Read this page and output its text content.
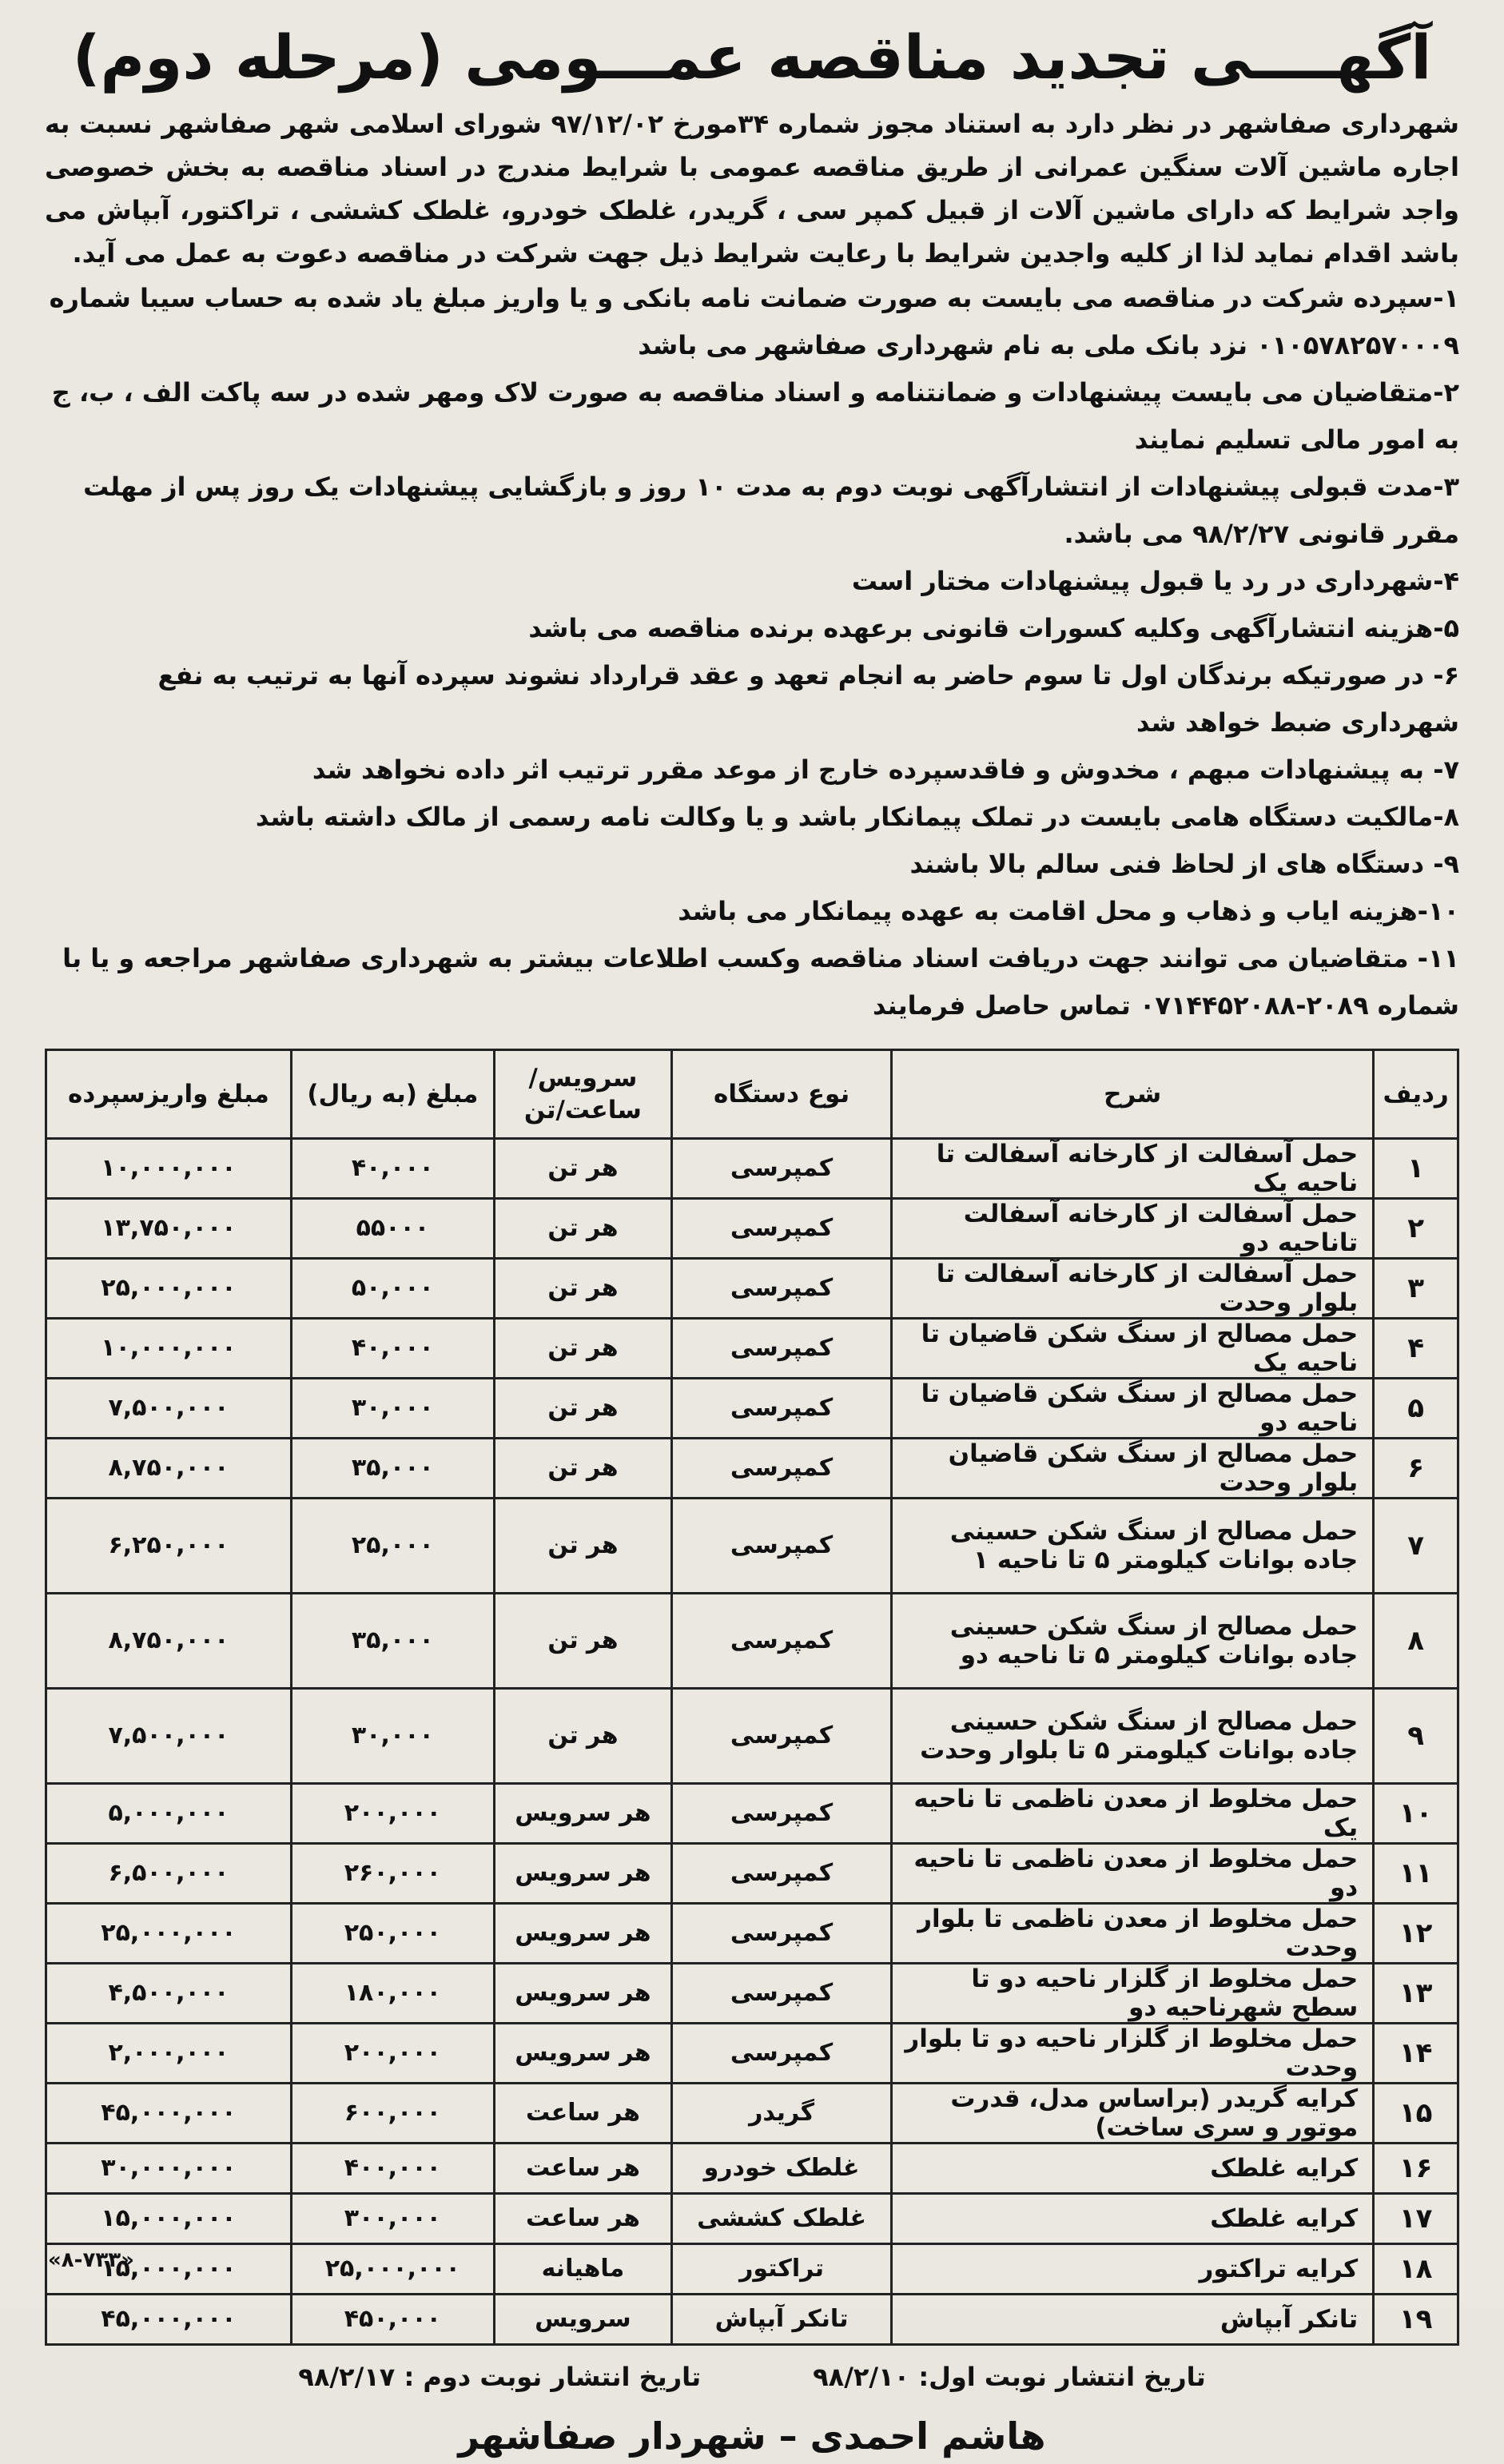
آگهــــی تجدید مناقصه عمـــومی (مرحله دوم)

شهرداری صفاشهر در نظر دارد به استناد مجوز شماره ۳۴مورخ ۹۷/۱۲/۰۲ شورای اسلامی شهر صفاشهر نسبت به اجاره ماشین آلات سنگین عمرانی از طریق مناقصه عمومی با شرایط مندرج در اسناد مناقصه به بخش خصوصی واجد شرایط که دارای ماشین آلات از قبیل کمپر سی ، گریدر، غلطک خودرو، غلطک کششی ، تراکتور، آبپاش می باشد اقدام نماید لذا از کلیه واجدین شرایط با رعایت شرایط ذیل جهت شرکت در مناقصه دعوت به عمل می آید.

۱-سپرده شرکت در مناقصه می بایست به صورت ضمانت نامه بانکی و یا واریز مبلغ یاد شده به حساب سیبا شماره ۰۱۰۵۷۸۲۵۷۰۰۰۹ نزد بانک ملی به نام شهرداری صفاشهر می باشد
۲-متقاضیان می بایست پیشنهادات و ضمانتنامه و اسناد مناقصه به صورت لاک ومهر شده در سه پاکت الف ، ب، ج به امور مالی تسلیم نمایند
۳-مدت قبولی پیشنهادات از انتشارآگهی نوبت دوم به مدت ۱۰ روز و بازگشایی پیشنهادات یک روز پس از مهلت مقرر قانونی ۹۸/۲/۲۷ می باشد.
۴-شهرداری در رد یا قبول پیشنهادات مختار است
۵-هزینه انتشارآگهی وکلیه کسورات قانونی برعهده برنده مناقصه می باشد
۶- در صورتیکه برندگان اول تا سوم حاضر به انجام تعهد و عقد قرارداد نشوند سپرده آنها به ترتیب به نفع شهرداری ضبط خواهد شد
۷- به پیشنهادات مبهم ، مخدوش و فاقدسپرده خارج از موعد مقرر ترتیب اثر داده نخواهد شد
۸-مالکیت دستگاه هامی بایست در تملک پیمانکار باشد و یا وکالت نامه رسمی از مالک داشته باشد
۹- دستگاه های از لحاظ فنی سالم بالا باشند
۱۰-هزینه ایاب و ذهاب و محل اقامت به عهده پیمانکار می باشد
۱۱- متقاضیان می توانند جهت دریافت اسناد مناقصه وکسب اطلاعات بیشتر به شهرداری صفاشهر مراجعه و یا با شماره ۲۰۸۹-۰۷۱۴۴۵۲۰۸۸ تماس حاصل فرمایند
ردیف	شرح	نوع دستگاه	سرویس/ ساعت/تن	مبلغ (به ریال)	مبلغ واریزسپرده
۱	حمل آسفالت از کارخانه آسفالت تا ناحیه یک	کمپرسی	هر تن	۴۰,۰۰۰	۱۰,۰۰۰,۰۰۰
۲	حمل آسفالت از کارخانه آسفالت تاناحیه دو	کمپرسی	هر تن	۵۵۰۰۰	۱۳,۷۵۰,۰۰۰
۳	حمل آسفالت از کارخانه آسفالت تا بلوار وحدت	کمپرسی	هر تن	۵۰,۰۰۰	۲۵,۰۰۰,۰۰۰
۴	حمل مصالح از سنگ شکن قاضیان تا ناحیه یک	کمپرسی	هر تن	۴۰,۰۰۰	۱۰,۰۰۰,۰۰۰
۵	حمل مصالح از سنگ شکن قاضیان تا ناحیه دو	کمپرسی	هر تن	۳۰,۰۰۰	۷,۵۰۰,۰۰۰
۶	حمل مصالح از سنگ شکن قاضیان بلوار وحدت	کمپرسی	هر تن	۳۵,۰۰۰	۸,۷۵۰,۰۰۰
۷	حمل مصالح از سنگ شکن حسینی جاده بوانات کیلومتر ۵ تا ناحیه ۱	کمپرسی	هر تن	۲۵,۰۰۰	۶,۲۵۰,۰۰۰
۸	حمل مصالح از سنگ شکن حسینی جاده بوانات کیلومتر ۵ تا ناحیه دو	کمپرسی	هر تن	۳۵,۰۰۰	۸,۷۵۰,۰۰۰
۹	حمل مصالح از سنگ شکن حسینی جاده بوانات کیلومتر ۵ تا بلوار وحدت	کمپرسی	هر تن	۳۰,۰۰۰	۷,۵۰۰,۰۰۰
۱۰	حمل مخلوط از معدن ناظمی تا ناحیه یک	کمپرسی	هر سرویس	۲۰۰,۰۰۰	۵,۰۰۰,۰۰۰
۱۱	حمل مخلوط از معدن ناظمی تا ناحیه دو	کمپرسی	هر سرویس	۲۶۰,۰۰۰	۶,۵۰۰,۰۰۰
۱۲	حمل مخلوط از معدن ناظمی تا بلوار وحدت	کمپرسی	هر سرویس	۲۵۰,۰۰۰	۲۵,۰۰۰,۰۰۰
۱۳	حمل مخلوط از گلزار ناحیه دو تا سطح شهرناحیه دو	کمپرسی	هر سرویس	۱۸۰,۰۰۰	۴,۵۰۰,۰۰۰
۱۴	حمل مخلوط از گلزار ناحیه دو تا بلوار وحدت	کمپرسی	هر سرویس	۲۰۰,۰۰۰	۲,۰۰۰,۰۰۰
۱۵	کرایه گریدر (براساس مدل، قدرت موتور و سری ساخت)	گریدر	هر ساعت	۶۰۰,۰۰۰	۴۵,۰۰۰,۰۰۰
۱۶	کرایه غلطک	غلطک خودرو	هر ساعت	۴۰۰,۰۰۰	۳۰,۰۰۰,۰۰۰
۱۷	کرایه غلطک	غلطک کششی	هر ساعت	۳۰۰,۰۰۰	۱۵,۰۰۰,۰۰۰
۱۸	کرایه تراکتور	تراکتور	ماهیانه	۲۵,۰۰۰,۰۰۰	۱۵,۰۰۰,۰۰۰
۱۹	تانکر آبپاش	تانکر آبپاش	سرویس	۴۵۰,۰۰۰	۴۵,۰۰۰,۰۰۰
تاریخ انتشار نوبت اول: ۹۸/۲/۱۰
تاریخ انتشار نوبت دوم : ۹۸/۲/۱۷
هاشم احمدی – شهردار صفاشهر
«۸-۷۳۳»
